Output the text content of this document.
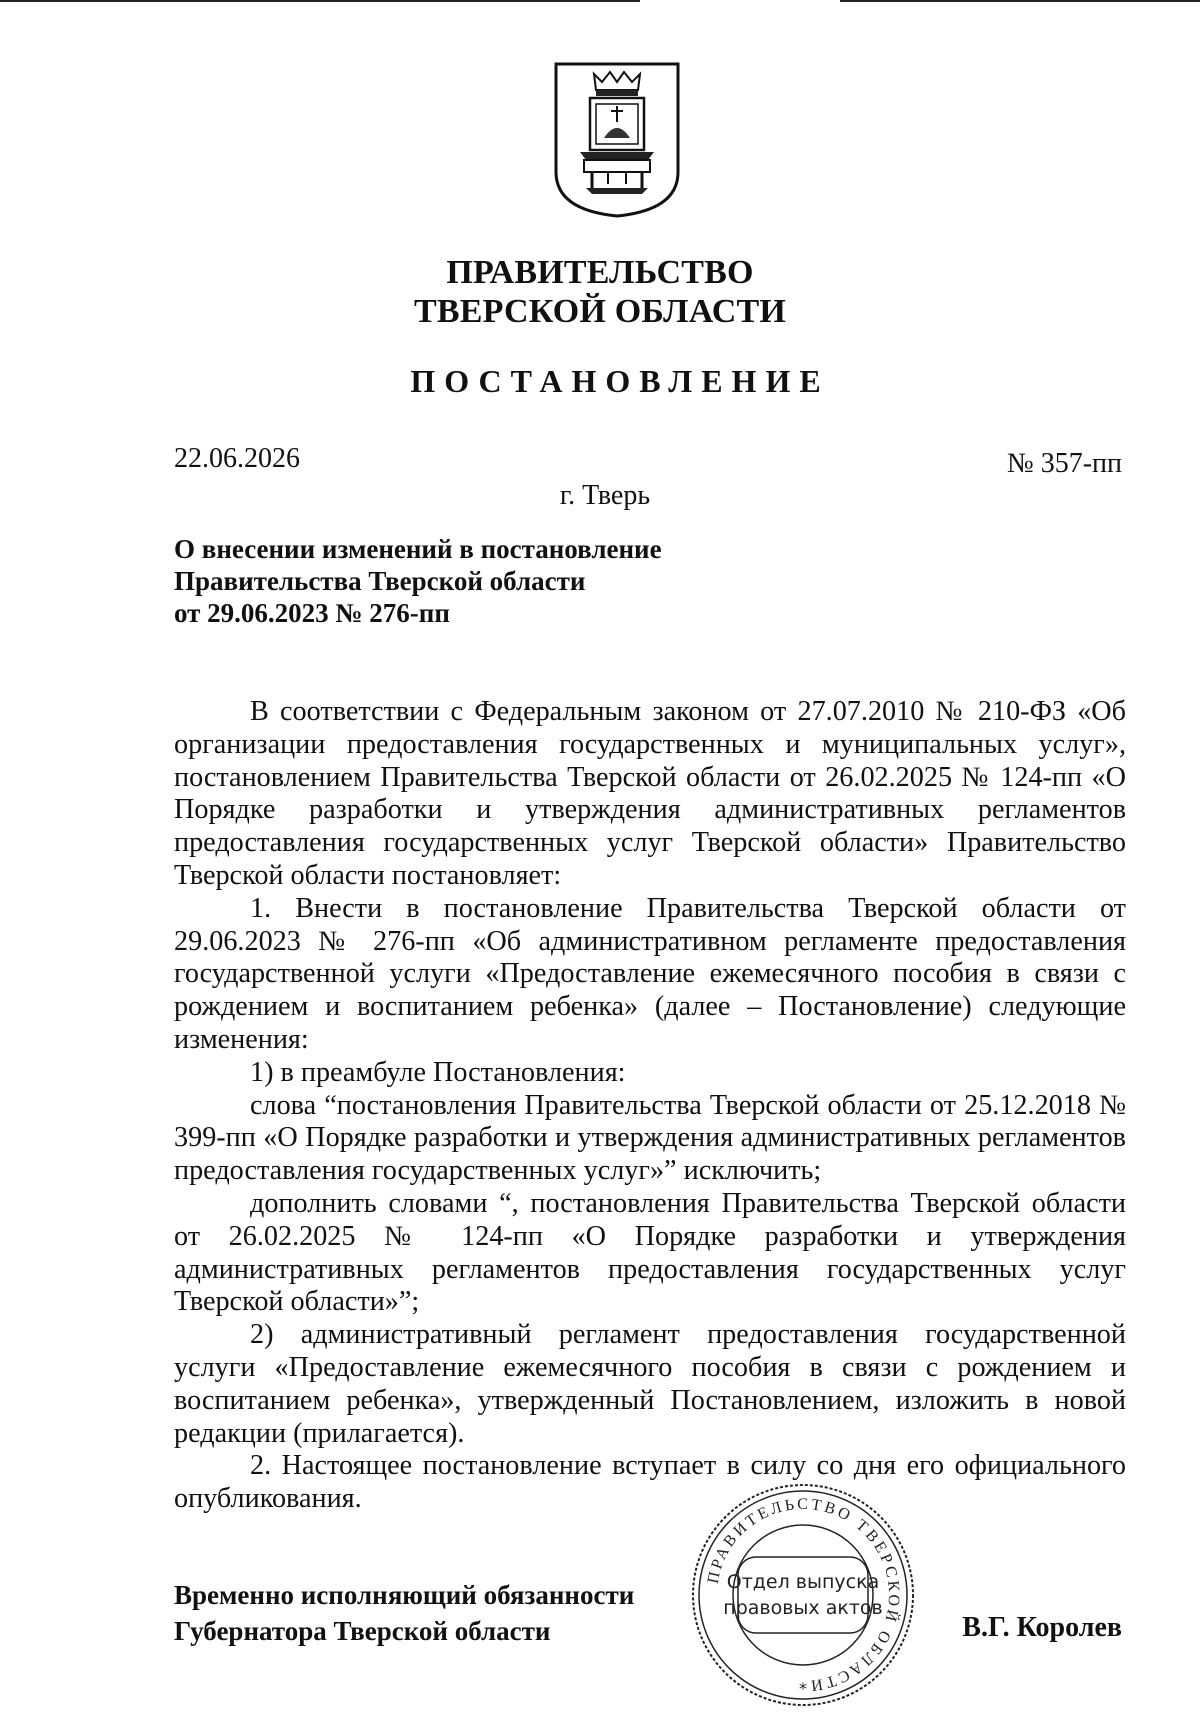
ПРАВИТЕЛЬСТВО
ТВЕРСКОЙ ОБЛАСТИ
ПОСТАНОВЛЕНИЕ
22.06.2026	№ 357-пп
г. Тверь
О внесении изменений в постановление
Правительства Тверской области
от 29.06.2023 № 276-пп

В соответствии с Федеральным законом от 27.07.2010 № 210-ФЗ «Об организации предоставления государственных и муниципальных услуг», постановлением Правительства Тверской области от 26.02.2025 № 124-пп «О Порядке разработки и утверждения административных регламентов предоставления государственных услуг Тверской области» Правительство Тверской области постановляет:

1. Внести в постановление Правительства Тверской области от 29.06.2023 № 276-пп «Об административном регламенте предоставления государственной услуги «Предоставление ежемесячного пособия в связи с рождением и воспитанием ребенка» (далее – Постановление) следующие изменения:

1) в преамбуле Постановления:

слова “постановления Правительства Тверской области от 25.12.2018 № 399-пп «О Порядке разработки и утверждения административных регламентов предоставления государственных услуг»” исключить;

дополнить словами “, постановления Правительства Тверской области от 26.02.2025 № 124-пп «О Порядке разработки и утверждения административных регламентов предоставления государственных услуг Тверской области»”;

2) административный регламент предоставления государственной услуги «Предоставление ежемесячного пособия в связи с рождением и воспитанием ребенка», утвержденный Постановлением, изложить в новой редакции (прилагается).

2. Настоящее постановление вступает в силу со дня его официального опубликования.

Временно исполняющий обязанности
Губернатора Тверской области	В.Г. Королев
ПРАВИТЕЛЬСТВО ТВЕРСКОЙ ОБЛАСТИ
Отдел выпуска
правовых актов
*
